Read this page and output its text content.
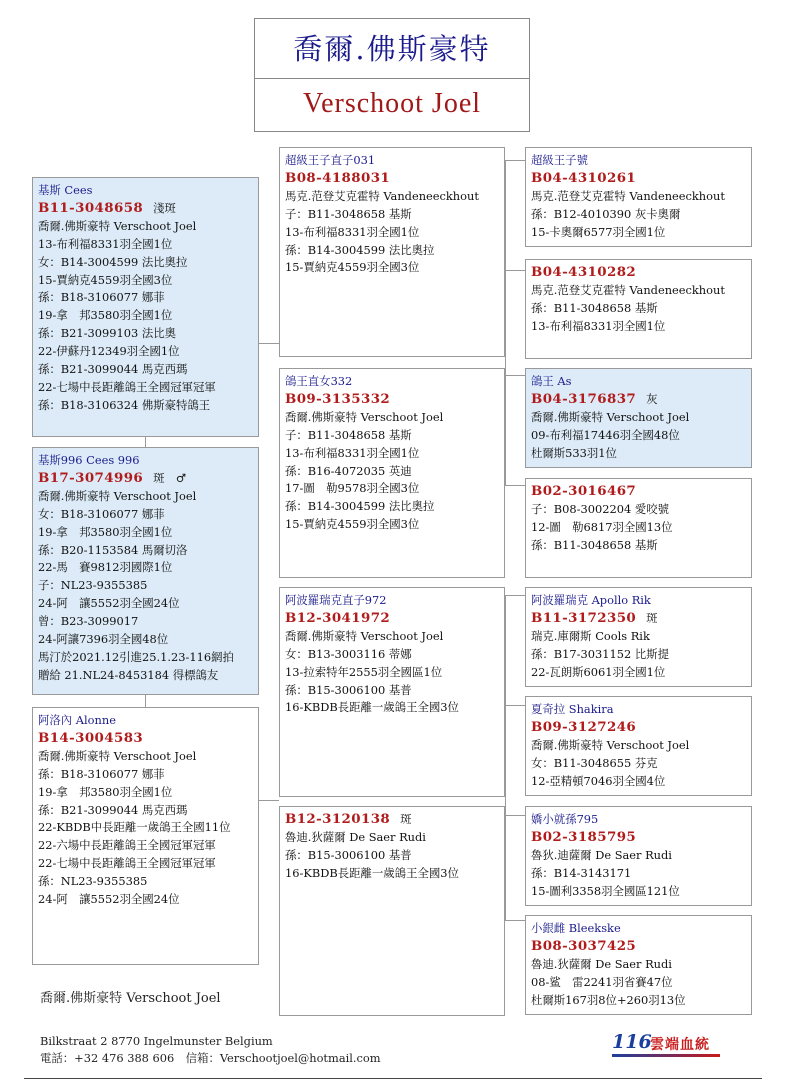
喬爾.佛斯豪特
Verschoot Joel
基斯 Cees
B11-3048658 淺斑
喬爾.佛斯豪特 Verschoot Joel
13-布利福8331羽全國1位
女：B14-3004599 法比奧拉
15-賈納克4559羽全國3位
孫：B18-3106077 娜菲
19-拿　邦3580羽全國1位
孫：B21-3099103 法比奧
22-伊蘇丹12349羽全國1位
孫：B21-3099044 馬克西瑪
22-七場中長距離鴿王全國冠軍冠軍
孫：B18-3106324 佛斯豪特鴿王
基斯996 Cees 996
B17-3074996 斑　♂
喬爾.佛斯豪特 Verschoot Joel
女：B18-3106077 娜菲
19-拿　邦3580羽全國1位
孫：B20-1153584 馬爾切洛
22-馬　賽9812羽國際1位
子：NL23-9355385
24-阿　讓5552羽全國24位
曾：B23-3099017
24-阿讓7396羽全國48位
馬汀於2021.12引進25.1.23-116網拍
贈給 21.NL24-8453184 得標鴿友
阿洛內 Alonne
B14-3004583
喬爾.佛斯豪特 Verschoot Joel
孫：B18-3106077 娜菲
19-拿　邦3580羽全國1位
孫：B21-3099044 馬克西瑪
22-KBDB中長距離一歲鴿王全國11位
22-六場中長距離鴿王全國冠軍冠軍
22-七場中長距離鴿王全國冠軍冠軍
孫：NL23-9355385
24-阿　讓5552羽全國24位
超級王子直子031
B08-4188031
馬克.范登艾克霍特 Vandeneeckhout
子：B11-3048658 基斯
13-布利福8331羽全國1位
孫：B14-3004599 法比奧拉
15-賈納克4559羽全國3位
鴿王直女332
B09-3135332
喬爾.佛斯豪特 Verschoot Joel
子：B11-3048658 基斯
13-布利福8331羽全國1位
孫：B16-4072035 英迪
17-圖　勒9578羽全國3位
孫：B14-3004599 法比奧拉
15-賈納克4559羽全國3位
阿波羅瑞克直子972
B12-3041972
喬爾.佛斯豪特 Verschoot Joel
女：B13-3003116 蒂娜
13-拉索特年2555羽全國區1位
孫：B15-3006100 基普
16-KBDB長距離一歲鴿王全國3位
B12-3120138 斑
魯迪.狄薩爾 De Saer Rudi
孫：B15-3006100 基普
16-KBDB長距離一歲鴿王全國3位
超級王子號
B04-4310261
馬克.范登艾克霍特 Vandeneeckhout
孫：B12-4010390 灰卡奧爾
15-卡奧爾6577羽全國1位
B04-4310282
馬克.范登艾克霍特 Vandeneeckhout
孫：B11-3048658 基斯
13-布利福8331羽全國1位
鴿王 As
B04-3176837 灰
喬爾.佛斯豪特 Verschoot Joel
09-布利福17446羽全國48位
杜爾斯533羽1位
B02-3016467
子：B08-3002204 愛咬號
12-圖　勒6817羽全國13位
孫：B11-3048658 基斯
阿波羅瑞克 Apollo Rik
B11-3172350 斑
瑞克.庫爾斯 Cools Rik
孫：B17-3031152 比斯提
22-瓦朗斯6061羽全國1位
夏奇拉 Shakira
B09-3127246
喬爾.佛斯豪特 Verschoot Joel
女：B11-3048655 芬克
12-亞精頓7046羽全國4位
嬌小就孫795
B02-3185795
魯狄.迪薩爾 De Saer Rudi
孫：B14-3143171
15-圖利3358羽全國區121位
小銀雌 Bleekske
B08-3037425
魯迪.狄薩爾 De Saer Rudi
08-鲨　雷2241羽省賽47位
杜爾斯167羽8位+260羽13位
喬爾.佛斯豪特 Verschoot Joel
Bilkstraat 2 8770 Ingelmunster Belgium
電話：+32 476 388 606　信箱：Verschootjoel@hotmail.com
116
雲端血統
